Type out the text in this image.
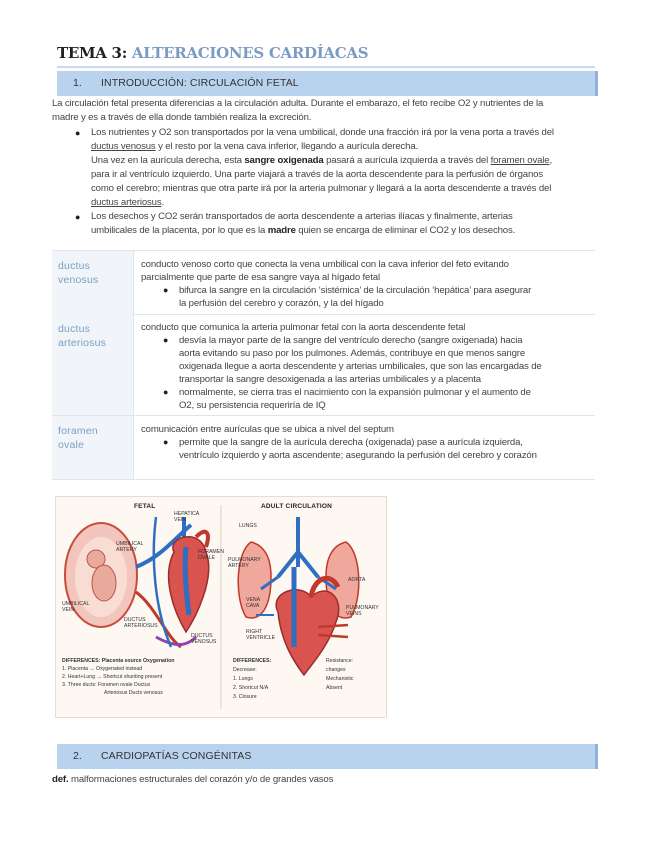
TEMA 3: ALTERACIONES CARDÍACAS
1. INTRODUCCIÓN: CIRCULACIÓN FETAL
La circulación fetal presenta diferencias a la circulación adulta. Durante el embarazo, el feto recibe O2 y nutrientes de la
madre y es a través de ella donde también realiza la excreción.
● Los nutrientes y O2 son transportados por la vena umbilical, donde una fracción irá por la vena porta a través del
ductus venosus y el resto por la vena cava inferior, llegando a aurícula derecha.
Una vez en la aurícula derecha, esta sangre oxigenada pasará a aurícula izquierda a través del foramen ovale,
para ir al ventrículo izquierdo. Una parte viajará a través de la aorta descendente para la perfusión de órganos
como el cerebro; mientras que otra parte irá por la arteria pulmonar y llegará a la aorta descendente a través del
ductus arteriosus.
● Los desechos y CO2 serán transportados de aorta descendente a arterias ilíacas y finalmente, arterias
umbilicales de la placenta, por lo que es la madre quien se encarga de eliminar el CO2 y los desechos.
ductus
venosus
conducto venoso corto que conecta la vena umbilical con la cava inferior del feto evitando
parcialmente que parte de esa sangre vaya al hígado fetal
● bifurca la sangre en la circulación ‘sistémica’ de la circulación ‘hepática’ para asegurar
la perfusión del cerebro y corazón, y la del hígado
ductus
arteriosus
conducto que comunica la arteria pulmonar fetal con la aorta descendente fetal
● desvía la mayor parte de la sangre del ventrículo derecho (sangre oxigenada) hacia
aorta evitando su paso por los pulmones. Además, contribuye en que menos sangre
oxigenada llegue a aorta descendente y arterias umbilicales, que son las encargadas de
transportar la sangre desoxigenada a las arterias umbilicales y a placenta
● normalmente, se cierra tras el nacimiento con la expansión pulmonar y el aumento de
O2, su persistencia requeriría de IQ
foramen
ovale
comunicación entre aurículas que se ubica a nivel del septum
● permite que la sangre de la aurícula derecha (oxigenada) pase a aurícula izquierda,
ventrículo izquierdo y aorta ascendente; asegurando la perfusión del cerebro y corazón
FETAL	ADULT CIRCULATION
HEPATICA
VEIN
UMBILICAL
ARTERY	FORAMEN
OVALE
UMBILICAL
VEIN
DUCTUS
ARTERIOSUS
DUCTUS
VENOSUS
LUNGS
PULMONARY
ARTERY
AORTA
VENA
CAVA	PULMONARY
VEINS
RIGHT
VENTRICLE
DIFFERENCES: Placenta source Oxygenation
1. Placenta → Oxygenated instead
2. Heart+Lung → Shortcut shunting present
3. Three ducts: Foramen ovale Ductus
Arteriosus Ducts venosus
DIFFERENCES:
Decrease:
1. Lungs
2. Shortcut N/A
3. Closure
Resistance:
changes
Mechanistic
Absent
2. CARDIOPATÍAS CONGÉNITAS
def. malformaciones estructurales del corazón y/o de grandes vasos
